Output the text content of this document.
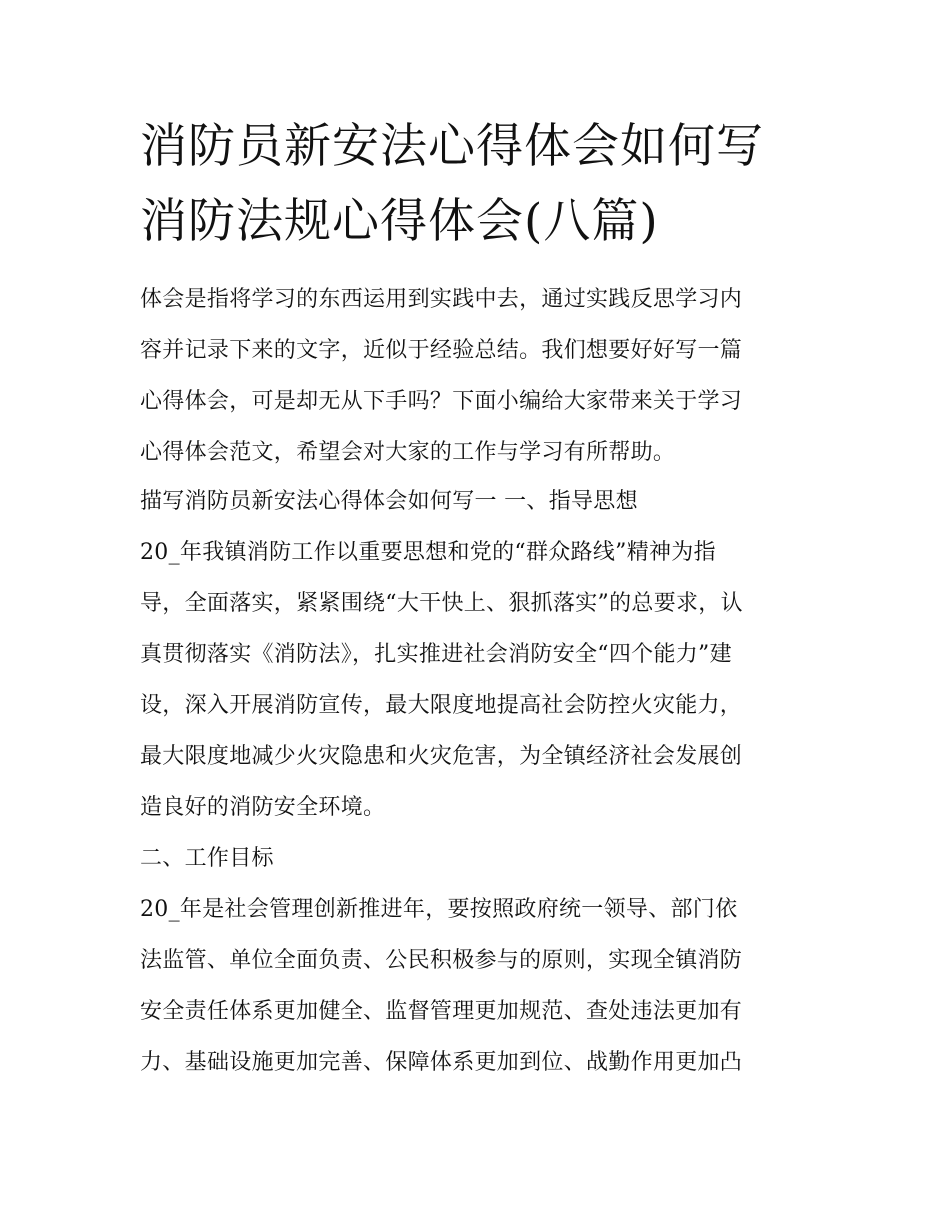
消防员新安法心得体会如何写
消防法规心得体会(八篇)

体会是指将学习的东西运用到实践中去，通过实践反思学习内

容并记录下来的文字，近似于经验总结。我们想要好好写一篇

心得体会，可是却无从下手吗？下面小编给大家带来关于学习

心得体会范文，希望会对大家的工作与学习有所帮助。

描写消防员新安法心得体会如何写一 一、指导思想

20_年我镇消防工作以重要思想和党的“群众路线”精神为指

导，全面落实，紧紧围绕“大干快上、狠抓落实”的总要求，认

真贯彻落实《消防法》，扎实推进社会消防安全“四个能力”建

设，深入开展消防宣传，最大限度地提高社会防控火灾能力，

最大限度地减少火灾隐患和火灾危害，为全镇经济社会发展创

造良好的消防安全环境。

二、工作目标

20_年是社会管理创新推进年，要按照政府统一领导、部门依

法监管、单位全面负责、公民积极参与的原则，实现全镇消防

安全责任体系更加健全、监督管理更加规范、查处违法更加有

力、基础设施更加完善、保障体系更加到位、战勤作用更加凸
